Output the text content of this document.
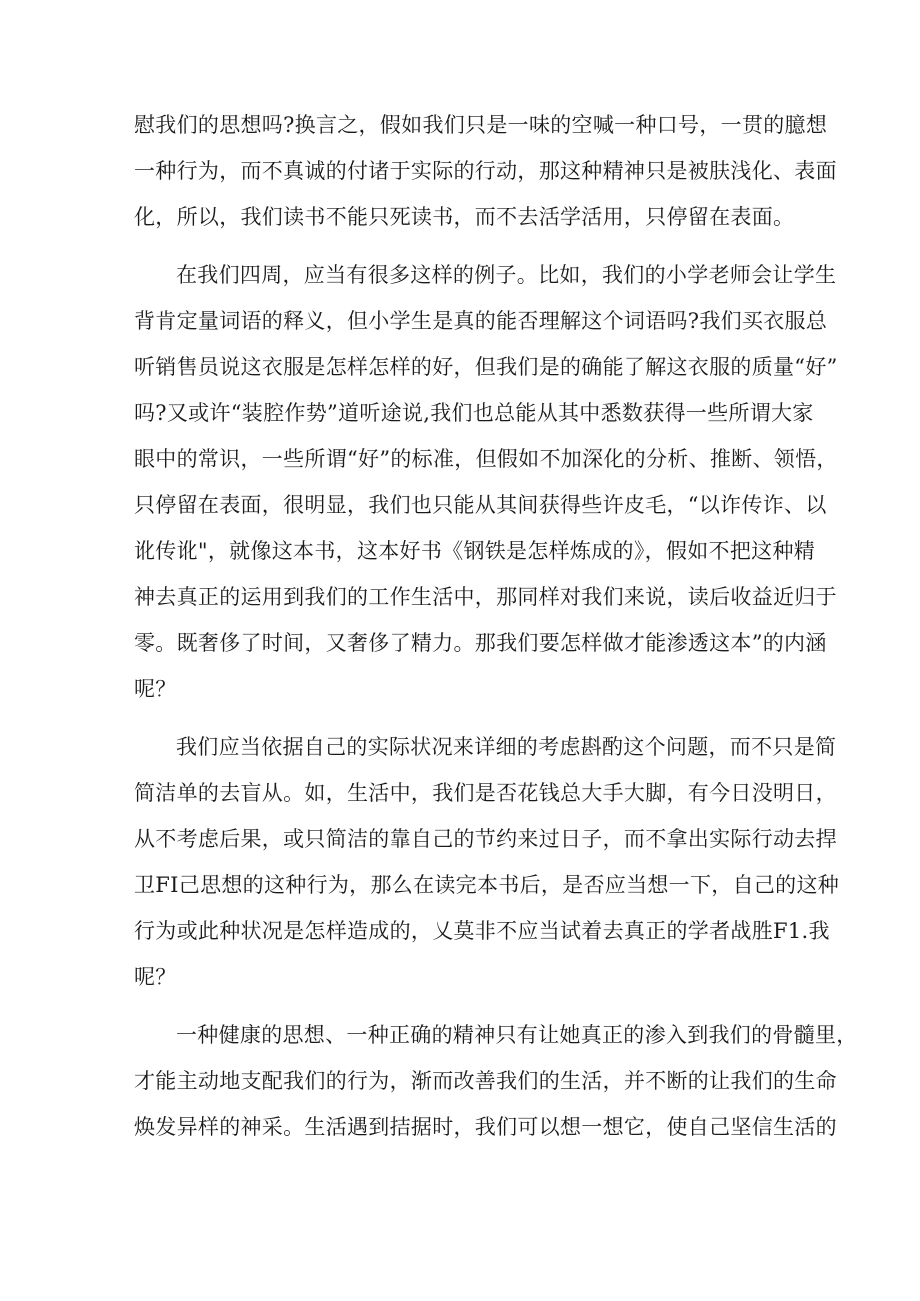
慰我们的思想吗?换言之，假如我们只是一味的空喊一种口号，一贯的臆想
一种行为，而不真诚的付诸于实际的行动，那这种精神只是被肤浅化、表面
化，所以，我们读书不能只死读书，而不去活学活用，只停留在表面。

在我们四周，应当有很多这样的例子。比如，我们的小学老师会让学生
背肯定量词语的释义，但小学生是真的能否理解这个词语吗?我们买衣服总
听销售员说这衣服是怎样怎样的好，但我们是的确能了解这衣服的质量“好”
吗?又或许“装腔作势”道听途说,我们也总能从其中悉数获得一些所谓大家
眼中的常识，一些所谓“好”的标准，但假如不加深化的分析、推断、领悟，
只停留在表面，很明显，我们也只能从其间获得些许皮毛，“以诈传诈、以
讹传讹"，就像这本书，这本好书《钢铁是怎样炼成的》，假如不把这种精
神去真正的运用到我们的工作生活中，那同样对我们来说，读后收益近归于
零。既奢侈了时间，又奢侈了精力。那我们要怎样做才能渗透这本”的内涵
呢？

我们应当依据自己的实际状况来详细的考虑斟酌这个问题，而不只是简
简洁单的去盲从。如，生活中，我们是否花钱总大手大脚，有今日没明日，
从不考虑后果，或只简洁的靠自己的节约来过日子，而不拿出实际行动去捍
卫FI己思想的这种行为，那么在读完本书后，是否应当想一下，自己的这种
行为或此种状况是怎样造成的，乂莫非不应当试着去真正的学者战胜F1.我
呢？

一种健康的思想、一种正确的精神只有让她真正的渗入到我们的骨髓里，
才能主动地支配我们的行为，渐而改善我们的生活，并不断的让我们的生命
焕发异样的神采。生活遇到拮据时，我们可以想一想它，使自己坚信生活的
